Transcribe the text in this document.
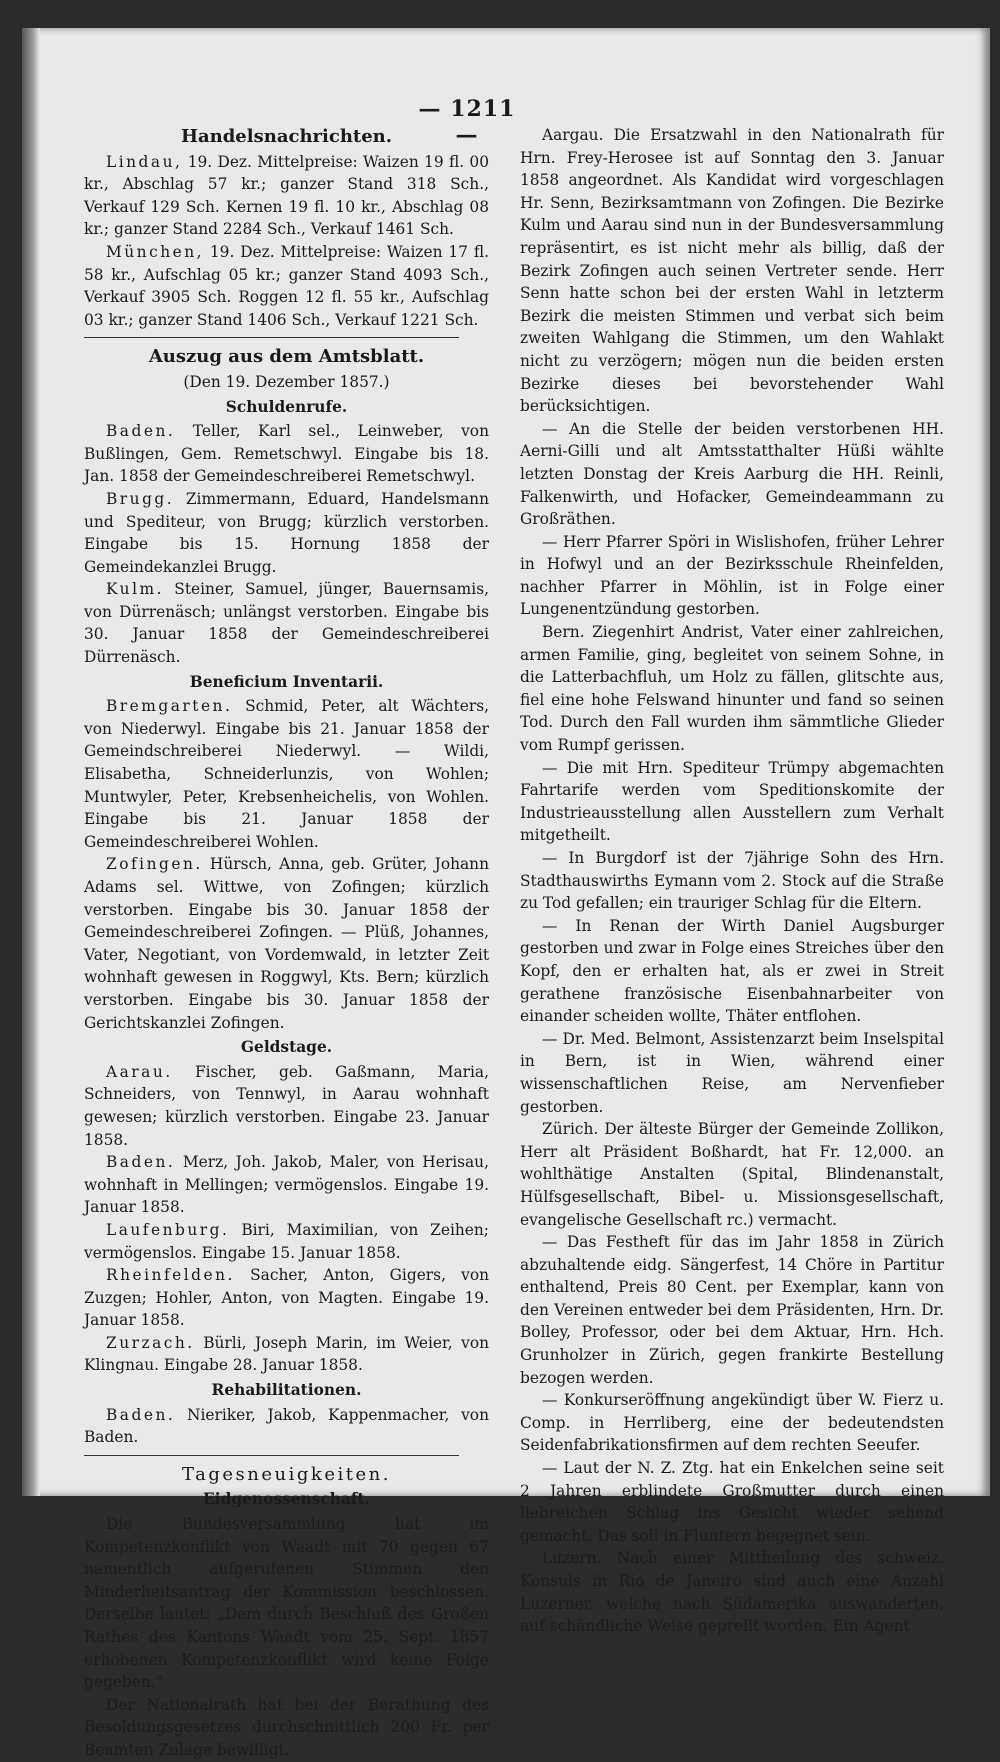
— 1211 —
Handelsnachrichten.

Lindau, 19. Dez. Mittelpreise: Waizen 19 fl. 00 kr., Abschlag 57 kr.; ganzer Stand 318 Sch., Verkauf 129 Sch. Kernen 19 fl. 10 kr., Abschlag 08 kr.; ganzer Stand 2284 Sch., Verkauf 1461 Sch.

München, 19. Dez. Mittelpreise: Waizen 17 fl. 58 kr., Aufschlag 05 kr.; ganzer Stand 4093 Sch., Verkauf 3905 Sch. Roggen 12 fl. 55 kr., Aufschlag 03 kr.; ganzer Stand 1406 Sch., Verkauf 1221 Sch.

Auszug aus dem Amtsblatt.
(Den 19. Dezember 1857.)
Schuldenrufe.

Baden. Teller, Karl sel., Leinweber, von Bußlingen, Gem. Remetschwyl. Eingabe bis 18. Jan. 1858 der Gemeindeschreiberei Remetschwyl.

Brugg. Zimmermann, Eduard, Handelsmann und Spediteur, von Brugg; kürzlich verstorben. Eingabe bis 15. Hornung 1858 der Gemeindekanzlei Brugg.

Kulm. Steiner, Samuel, jünger, Bauernsamis, von Dürrenäsch; unlängst verstorben. Eingabe bis 30. Januar 1858 der Gemeindeschreiberei Dürrenäsch.

Beneficium Inventarii.

Bremgarten. Schmid, Peter, alt Wächters, von Niederwyl. Eingabe bis 21. Januar 1858 der Gemeindschreiberei Niederwyl. — Wildi, Elisabetha, Schneiderlunzis, von Wohlen; Muntwyler, Peter, Krebsenheichelis, von Wohlen. Eingabe bis 21. Januar 1858 der Gemeindeschreiberei Wohlen.

Zofingen. Hürsch, Anna, geb. Grüter, Johann Adams sel. Wittwe, von Zofingen; kürzlich verstorben. Eingabe bis 30. Januar 1858 der Gemeindeschreiberei Zofingen. — Plüß, Johannes, Vater, Negotiant, von Vordemwald, in letzter Zeit wohnhaft gewesen in Roggwyl, Kts. Bern; kürzlich verstorben. Eingabe bis 30. Januar 1858 der Gerichtskanzlei Zofingen.

Geldstage.

Aarau. Fischer, geb. Gaßmann, Maria, Schneiders, von Tennwyl, in Aarau wohnhaft gewesen; kürzlich verstorben. Eingabe 23. Januar 1858.

Baden. Merz, Joh. Jakob, Maler, von Herisau, wohnhaft in Mellingen; vermögenslos. Eingabe 19. Januar 1858.

Laufenburg. Biri, Maximilian, von Zeihen; vermögenslos. Eingabe 15. Januar 1858.

Rheinfelden. Sacher, Anton, Gigers, von Zuzgen; Hohler, Anton, von Magten. Eingabe 19. Januar 1858.

Zurzach. Bürli, Joseph Marin, im Weier, von Klingnau. Eingabe 28. Januar 1858.

Rehabilitationen.

Baden. Nieriker, Jakob, Kappenmacher, von Baden.

Tagesneuigkeiten.
Eidgenossenschaft.

Die Bundesversammlung hat im Kompetenzkonflikt von Waadt mit 70 gegen 67 namentlich aufgerufenen Stimmen den Minderheitsantrag der Kommission beschlossen. Derselbe lautet: „Dem durch Beschluß des Großen Rathes des Kantons Waadt vom 25. Sept. 1857 erhobenen Kompetenzkonflikt wird keine Folge gegeben.“

Der Nationalrath hat bei der Berathung des Besoldungsgesetzes durchschnittlich 200 Fr. per Beamten Zulage bewilligt.

Aargau. Die Ersatzwahl in den Nationalrath für Hrn. Frey-Herosee ist auf Sonntag den 3. Januar 1858 angeordnet. Als Kandidat wird vorgeschlagen Hr. Senn, Bezirksamtmann von Zofingen. Die Bezirke Kulm und Aarau sind nun in der Bundesversammlung repräsentirt, es ist nicht mehr als billig, daß der Bezirk Zofingen auch seinen Vertreter sende. Herr Senn hatte schon bei der ersten Wahl in letzterm Bezirk die meisten Stimmen und verbat sich beim zweiten Wahlgang die Stimmen, um den Wahlakt nicht zu verzögern; mögen nun die beiden ersten Bezirke dieses bei bevorstehender Wahl berücksichtigen.

— An die Stelle der beiden verstorbenen HH. Aerni-Gilli und alt Amtsstatthalter Hüßi wählte letzten Donstag der Kreis Aarburg die HH. Reinli, Falkenwirth, und Hofacker, Gemeindeammann zu Großräthen.

— Herr Pfarrer Spöri in Wislishofen, früher Lehrer in Hofwyl und an der Bezirksschule Rheinfelden, nachher Pfarrer in Möhlin, ist in Folge einer Lungenentzündung gestorben.

Bern. Ziegenhirt Andrist, Vater einer zahlreichen, armen Familie, ging, begleitet von seinem Sohne, in die Latterbachfluh, um Holz zu fällen, glitschte aus, fiel eine hohe Felswand hinunter und fand so seinen Tod. Durch den Fall wurden ihm sämmtliche Glieder vom Rumpf gerissen.

— Die mit Hrn. Spediteur Trümpy abgemachten Fahrtarife werden vom Speditionskomite der Industrieausstellung allen Ausstellern zum Verhalt mitgetheilt.

— In Burgdorf ist der 7jährige Sohn des Hrn. Stadthauswirths Eymann vom 2. Stock auf die Straße zu Tod gefallen; ein trauriger Schlag für die Eltern.

— In Renan der Wirth Daniel Augsburger gestorben und zwar in Folge eines Streiches über den Kopf, den er erhalten hat, als er zwei in Streit gerathene französische Eisenbahnarbeiter von einander scheiden wollte, Thäter entflohen.

— Dr. Med. Belmont, Assistenzarzt beim Inselspital in Bern, ist in Wien, während einer wissenschaftlichen Reise, am Nervenfieber gestorben.

Zürich. Der älteste Bürger der Gemeinde Zollikon, Herr alt Präsident Boßhardt, hat Fr. 12,000. an wohlthätige Anstalten (Spital, Blindenanstalt, Hülfsgesellschaft, Bibel- u. Missionsgesellschaft, evangelische Gesellschaft rc.) vermacht.

— Das Festheft für das im Jahr 1858 in Zürich abzuhaltende eidg. Sängerfest, 14 Chöre in Partitur enthaltend, Preis 80 Cent. per Exemplar, kann von den Vereinen entweder bei dem Präsidenten, Hrn. Dr. Bolley, Professor, oder bei dem Aktuar, Hrn. Hch. Grunholzer in Zürich, gegen frankirte Bestellung bezogen werden.

— Konkurseröffnung angekündigt über W. Fierz u. Comp. in Herrliberg, eine der bedeutendsten Seidenfabrikationsfirmen auf dem rechten Seeufer.

— Laut der N. Z. Ztg. hat ein Enkelchen seine seit 2 Jahren erblindete Großmutter durch einen liebreichen Schlag ins Gesicht wieder sehend gemacht. Das soll in Fluntern begegnet sein.

Luzern. Nach einer Mittheilung des schweiz. Konsuls in Rio de Janeiro sind auch eine Anzahl Luzerner, welche nach Südamerika auswanderten, auf schändliche Weise geprellt worden. Ein Agent
